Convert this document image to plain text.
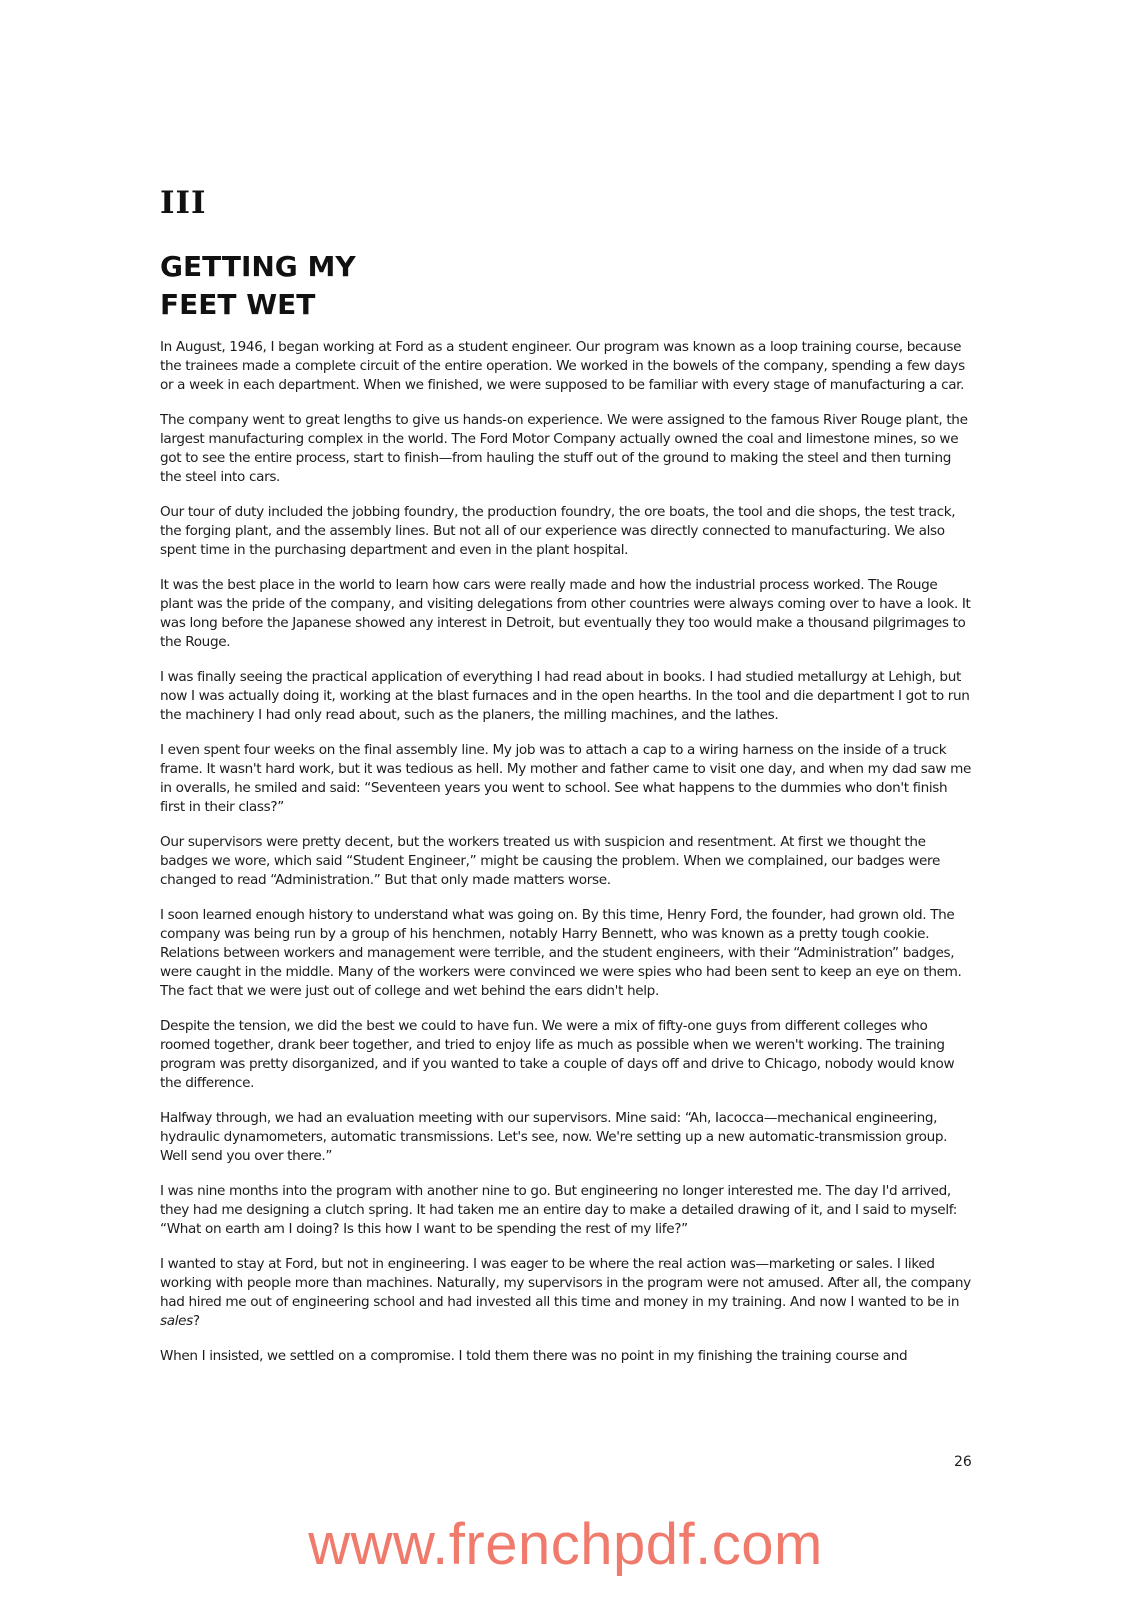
III
GETTING MY
FEET WET

In August, 1946, I began working at Ford as a student engineer. Our program was known as a loop training course, because the trainees made a complete circuit of the entire operation. We worked in the bowels of the company, spending a few days or a week in each department. When we finished, we were supposed to be familiar with every stage of manufacturing a car.

The company went to great lengths to give us hands-on experience. We were assigned to the famous River Rouge plant, the largest manufacturing complex in the world. The Ford Motor Company actually owned the coal and limestone mines, so we got to see the entire process, start to finish—from hauling the stuff out of the ground to making the steel and then turning the steel into cars.

Our tour of duty included the jobbing foundry, the production foundry, the ore boats, the tool and die shops, the test track, the forging plant, and the assembly lines. But not all of our experience was directly connected to manufacturing. We also spent time in the purchasing department and even in the plant hospital.

It was the best place in the world to learn how cars were really made and how the industrial process worked. The Rouge plant was the pride of the company, and visiting delegations from other countries were always coming over to have a look. It was long before the Japanese showed any interest in Detroit, but eventually they too would make a thousand pilgrimages to the Rouge.

I was finally seeing the practical application of everything I had read about in books. I had studied metallurgy at Lehigh, but now I was actually doing it, working at the blast furnaces and in the open hearths. In the tool and die department I got to run the machinery I had only read about, such as the planers, the milling machines, and the lathes.

I even spent four weeks on the final assembly line. My job was to attach a cap to a wiring harness on the inside of a truck frame. It wasn't hard work, but it was tedious as hell. My mother and father came to visit one day, and when my dad saw me in overalls, he smiled and said: “Seventeen years you went to school. See what happens to the dummies who don't finish first in their class?”

Our supervisors were pretty decent, but the workers treated us with suspicion and resentment. At first we thought the badges we wore, which said “Student Engineer,” might be causing the problem. When we complained, our badges were changed to read “Administration.” But that only made matters worse.

I soon learned enough history to understand what was going on. By this time, Henry Ford, the founder, had grown old. The company was being run by a group of his henchmen, notably Harry Bennett, who was known as a pretty tough cookie. Relations between workers and management were terrible, and the student engineers, with their “Administration” badges, were caught in the middle. Many of the workers were convinced we were spies who had been sent to keep an eye on them. The fact that we were just out of college and wet behind the ears didn't help.

Despite the tension, we did the best we could to have fun. We were a mix of fifty-one guys from different colleges who roomed together, drank beer together, and tried to enjoy life as much as possible when we weren't working. The training program was pretty disorganized, and if you wanted to take a couple of days off and drive to Chicago, nobody would know the difference.

Halfway through, we had an evaluation meeting with our supervisors. Mine said: “Ah, Iacocca—mechanical engineering, hydraulic dynamometers, automatic transmissions. Let's see, now. We're setting up a new automatic-transmission group. Well send you over there.”

I was nine months into the program with another nine to go. But engineering no longer interested me. The day I'd arrived, they had me designing a clutch spring. It had taken me an entire day to make a detailed drawing of it, and I said to myself: “What on earth am I doing? Is this how I want to be spending the rest of my life?”

I wanted to stay at Ford, but not in engineering. I was eager to be where the real action was—marketing or sales. I liked working with people more than machines. Naturally, my supervisors in the program were not amused. After all, the company had hired me out of engineering school and had invested all this time and money in my training. And now I wanted to be in sales?

When I insisted, we settled on a compromise. I told them there was no point in my finishing the training course and

26
www.frenchpdf.com
